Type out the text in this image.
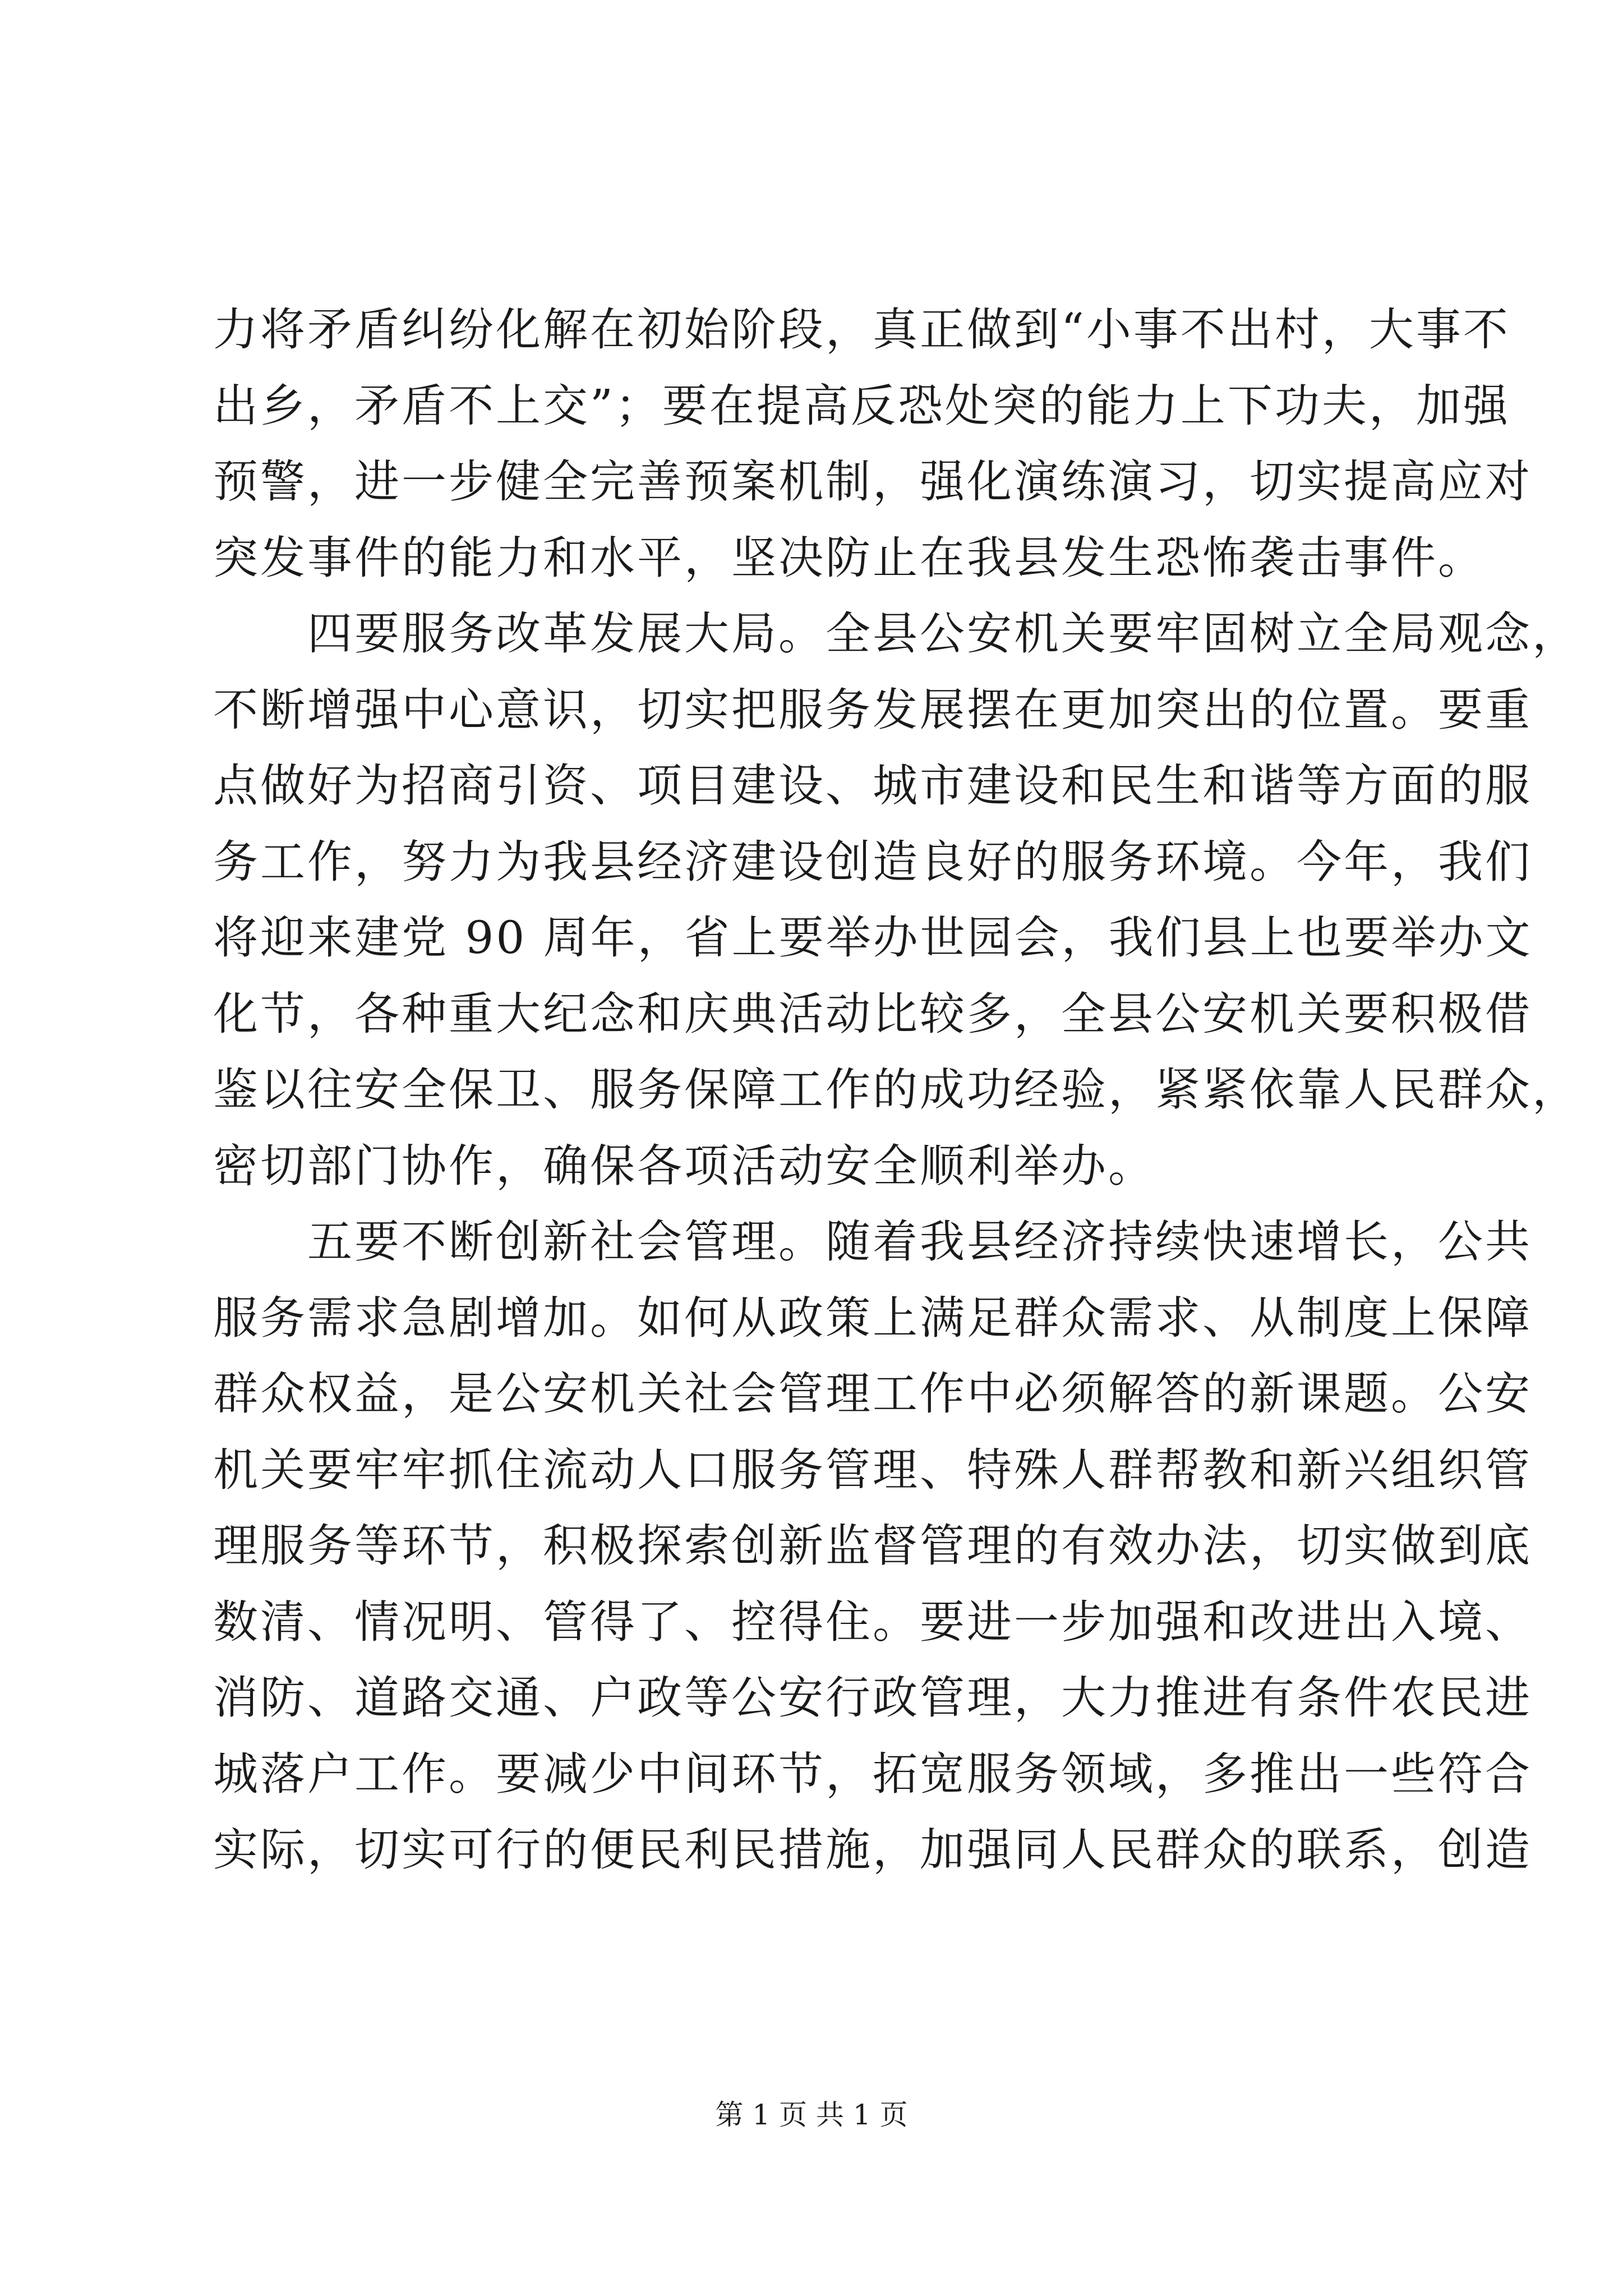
力将矛盾纠纷化解在初始阶段，真正做到“小事不出村，大事不
出乡，矛盾不上交”；要在提高反恐处突的能力上下功夫，加强
预警，进一步健全完善预案机制，强化演练演习，切实提高应对
突发事件的能力和水平，坚决防止在我县发生恐怖袭击事件。
　　四要服务改革发展大局。全县公安机关要牢固树立全局观念，
不断增强中心意识，切实把服务发展摆在更加突出的位置。要重
点做好为招商引资、项目建设、城市建设和民生和谐等方面的服
务工作，努力为我县经济建设创造良好的服务环境。今年，我们
将迎来建党 90 周年，省上要举办世园会，我们县上也要举办文
化节，各种重大纪念和庆典活动比较多，全县公安机关要积极借
鉴以往安全保卫、服务保障工作的成功经验，紧紧依靠人民群众，
密切部门协作，确保各项活动安全顺利举办。
　　五要不断创新社会管理。随着我县经济持续快速增长，公共
服务需求急剧增加。如何从政策上满足群众需求、从制度上保障
群众权益，是公安机关社会管理工作中必须解答的新课题。公安
机关要牢牢抓住流动人口服务管理、特殊人群帮教和新兴组织管
理服务等环节，积极探索创新监督管理的有效办法，切实做到底
数清、情况明、管得了、控得住。要进一步加强和改进出入境、
消防、道路交通、户政等公安行政管理，大力推进有条件农民进
城落户工作。要减少中间环节，拓宽服务领域，多推出一些符合
实际，切实可行的便民利民措施，加强同人民群众的联系，创造
第 1 页 共 1 页
